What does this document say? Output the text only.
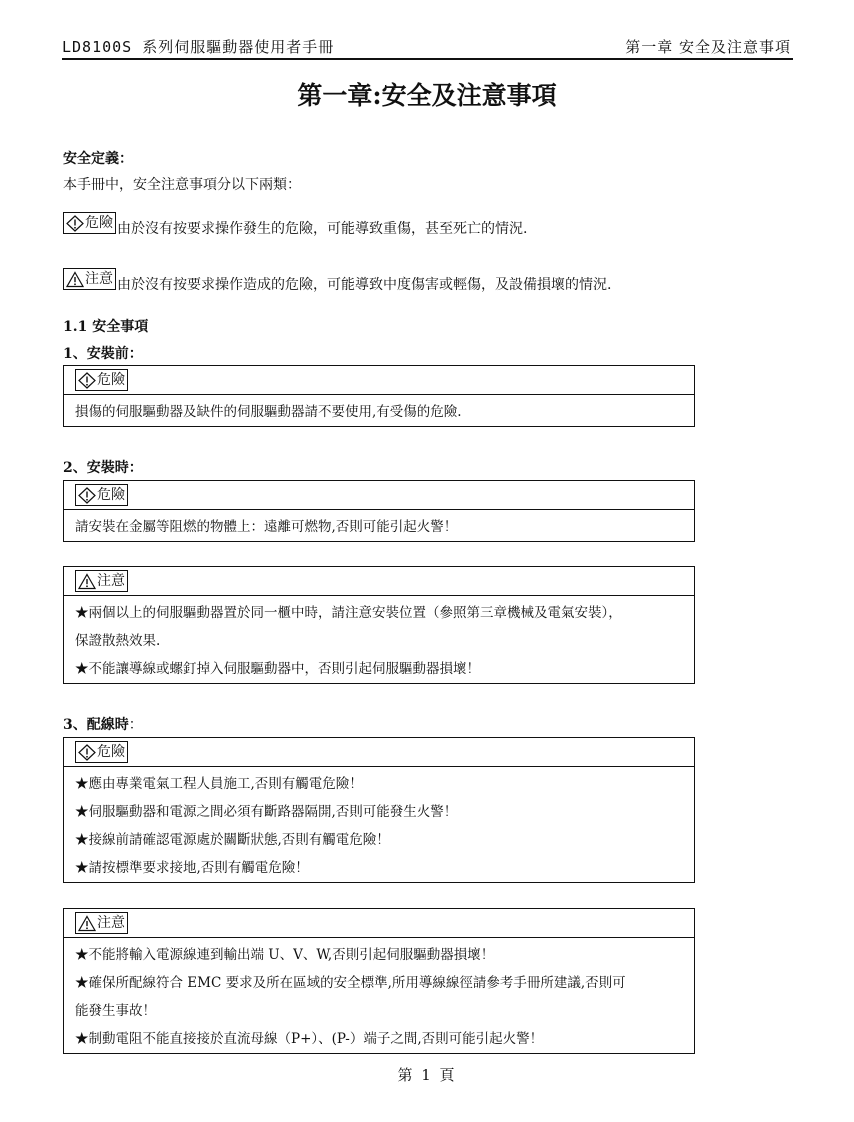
LD8100S 系列伺服驅動器使用者手冊	第一章 安全及注意事項
第一章:安全及注意事項
安全定義：
本手冊中，安全注意事項分以下兩類：
危險 由於沒有按要求操作發生的危險，可能導致重傷，甚至死亡的情況.
注意 由於沒有按要求操作造成的危險，可能導致中度傷害或輕傷，及設備損壞的情況.
1.1 安全事項
1、安裝前：
危險
損傷的伺服驅動器及缺件的伺服驅動器請不要使用,有受傷的危險.
2、安裝時：
危險
請安裝在金屬等阻燃的物體上：遠離可燃物,否則可能引起火警！
注意
★兩個以上的伺服驅動器置於同一櫃中時，請注意安裝位置（參照第三章機械及電氣安裝），
保證散熱效果.
★不能讓導線或螺釘掉入伺服驅動器中，否則引起伺服驅動器損壞！
3、配線時：
危險
★應由專業電氣工程人員施工,否則有觸電危險！
★伺服驅動器和電源之間必須有斷路器隔開,否則可能發生火警！
★接線前請確認電源處於關斷狀態,否則有觸電危險！
★請按標準要求接地,否則有觸電危險！
注意
★不能將輸入電源線連到輸出端 U、V、W,否則引起伺服驅動器損壞！
★確保所配線符合 EMC 要求及所在區域的安全標準,所用導線線徑請參考手冊所建議,否則可
能發生事故！
★制動電阻不能直接接於直流母線（P+）、(P-）端子之間,否則可能引起火警！
第 1 頁
